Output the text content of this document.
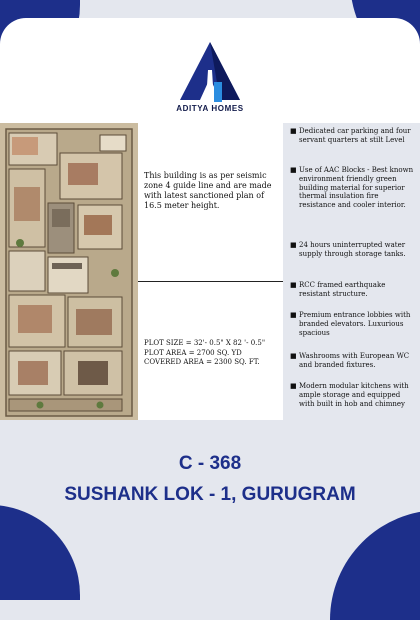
ADITYA HOMES
This building is as per seismic zone 4 guide line and are made with latest sanctioned plan of 16.5 meter height.
PLOT SIZE = 32'- 0.5" X 82 '- 0.5"
PLOT AREA = 2700 SQ. YD
COVERED AREA = 2300 SQ. FT.
■ Dedicated car parking and four servant quarters at stilt Level
■ Use of AAC Blocks - Best known environment friendly green building material for superior thermal insulation fire resistance and cooler interior.
■ 24 hours uninterrupted water supply through storage tanks.
■ RCC framed earthquake resistant structure.
■ Premium entrance lobbies with branded elevators. Luxurious spacious
■ Washrooms with European WC and branded fixtures.
■ Modern modular kitchens with ample storage and equipped with built in hob and chimney
C - 368
SUSHANK LOK - 1, GURUGRAM
